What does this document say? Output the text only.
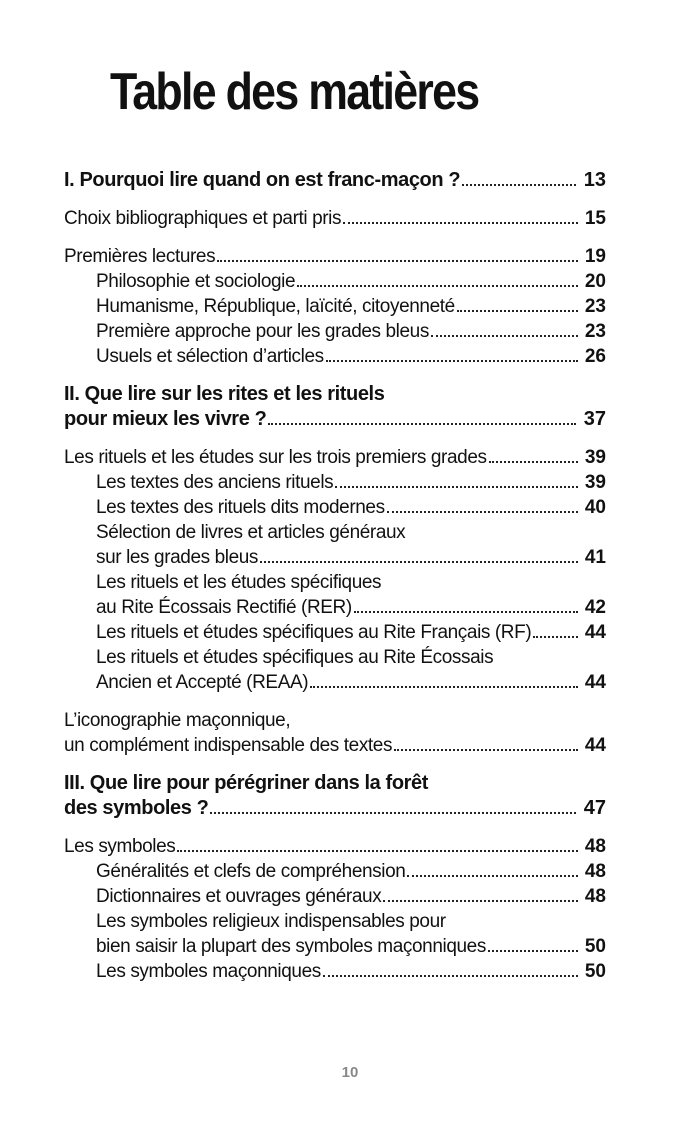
Table des matières
I. Pourquoi lire quand on est franc-maçon ?	13
Choix bibliographiques et parti pris	15
Premières lectures	19
Philosophie et sociologie	20
Humanisme, République, laïcité, citoyenneté	23
Première approche pour les grades bleus	23
Usuels et sélection d’articles	26
II. Que lire sur les rites et les rituels
pour mieux les vivre ?	37
Les rituels et les études sur les trois premiers grades	39
Les textes des anciens rituels	39
Les textes des rituels dits modernes	40
Sélection de livres et articles généraux
sur les grades bleus	41
Les rituels et les études spécifiques
au Rite Écossais Rectifié (RER)	42
Les rituels et études spécifiques au Rite Français (RF)	44
Les rituels et études spécifiques au Rite Écossais
Ancien et Accepté (REAA)	44
L’iconographie maçonnique,
un complément indispensable des textes	44
III. Que lire pour pérégriner dans la forêt
des symboles ?	47
Les symboles	48
Généralités et clefs de compréhension	48
Dictionnaires et ouvrages généraux	48
Les symboles religieux indispensables pour
bien saisir la plupart des symboles maçonniques	50
Les symboles maçonniques	50
10
